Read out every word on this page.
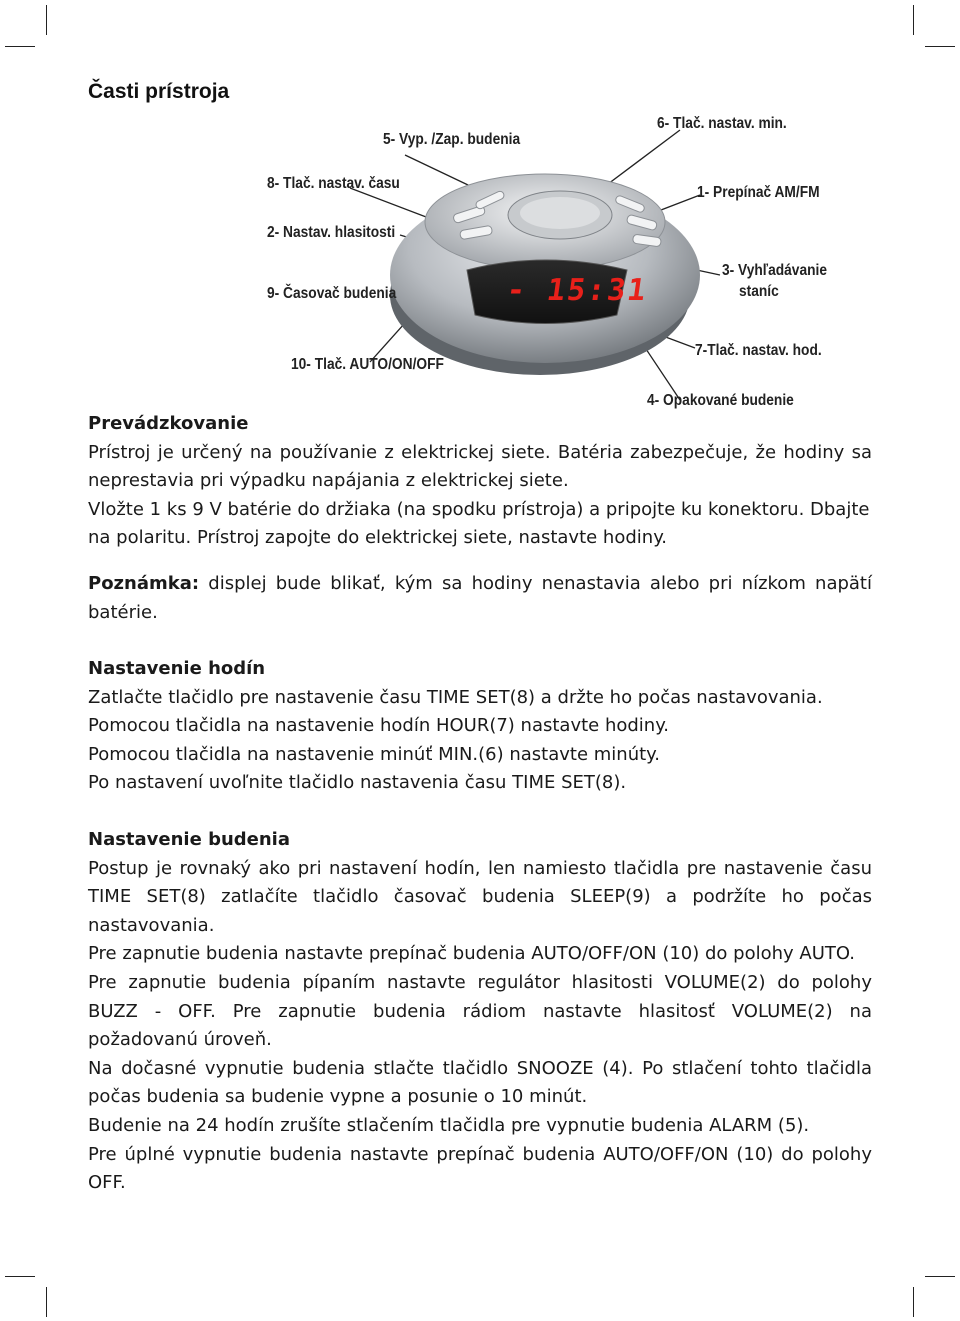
Časti prístroja
- 15:31
5- Vyp. /Zap. budenia
6- Tlač. nastav. min.
8- Tlač. nastav. času
1- Prepínač AM/FM
2- Nastav. hlasitosti
3- Vyhľadávanie
staníc
9- Časovač budenia
7-Tlač. nastav. hod.
10- Tlač. AUTO/ON/OFF
4- Opakované budenie
Prevádzkovanie

Prístroj je určený na používanie z elektrickej siete. Batéria zabezpečuje, že hodiny sa neprestavia pri výpadku napájania z elektrickej siete.

Vložte 1 ks 9 V batérie do držiaka (na spodku prístroja) a pripojte ku konektoru. Dbajte na polaritu. Prístroj zapojte do elektrickej siete, nastavte hodiny.

Poznámka: displej bude blikať, kým sa hodiny nenastavia alebo pri nízkom napätí batérie.

Nastavenie hodín

Zatlačte tlačidlo pre nastavenie času TIME SET(8) a držte ho počas nastavovania.

Pomocou tlačidla na nastavenie hodín HOUR(7) nastavte hodiny.

Pomocou tlačidla na nastavenie minúť MIN.(6) nastavte minúty.

Po nastavení uvoľnite tlačidlo nastavenia času TIME SET(8).

Nastavenie budenia

Postup je rovnaký ako pri nastavení hodín, len namiesto tlačidla pre nastavenie času TIME SET(8) zatlačíte tlačidlo časovač budenia SLEEP(9) a podržíte ho počas nastavovania.

Pre zapnutie budenia nastavte prepínač budenia AUTO/OFF/ON (10) do polohy AUTO.

Pre zapnutie budenia pípaním nastavte regulátor hlasitosti VOLUME(2) do polohy BUZZ - OFF. Pre zapnutie budenia rádiom nastavte hlasitosť VOLUME(2) na požadovanú úroveň.

Na dočasné vypnutie budenia stlačte tlačidlo SNOOZE (4). Po stlačení tohto tlačidla počas budenia sa budenie vypne a posunie o 10 minút.

Budenie na 24 hodín zrušíte stlačením tlačidla pre vypnutie budenia ALARM (5).

Pre úplné vypnutie budenia nastavte prepínač budenia AUTO/OFF/ON (10) do polohy OFF.
